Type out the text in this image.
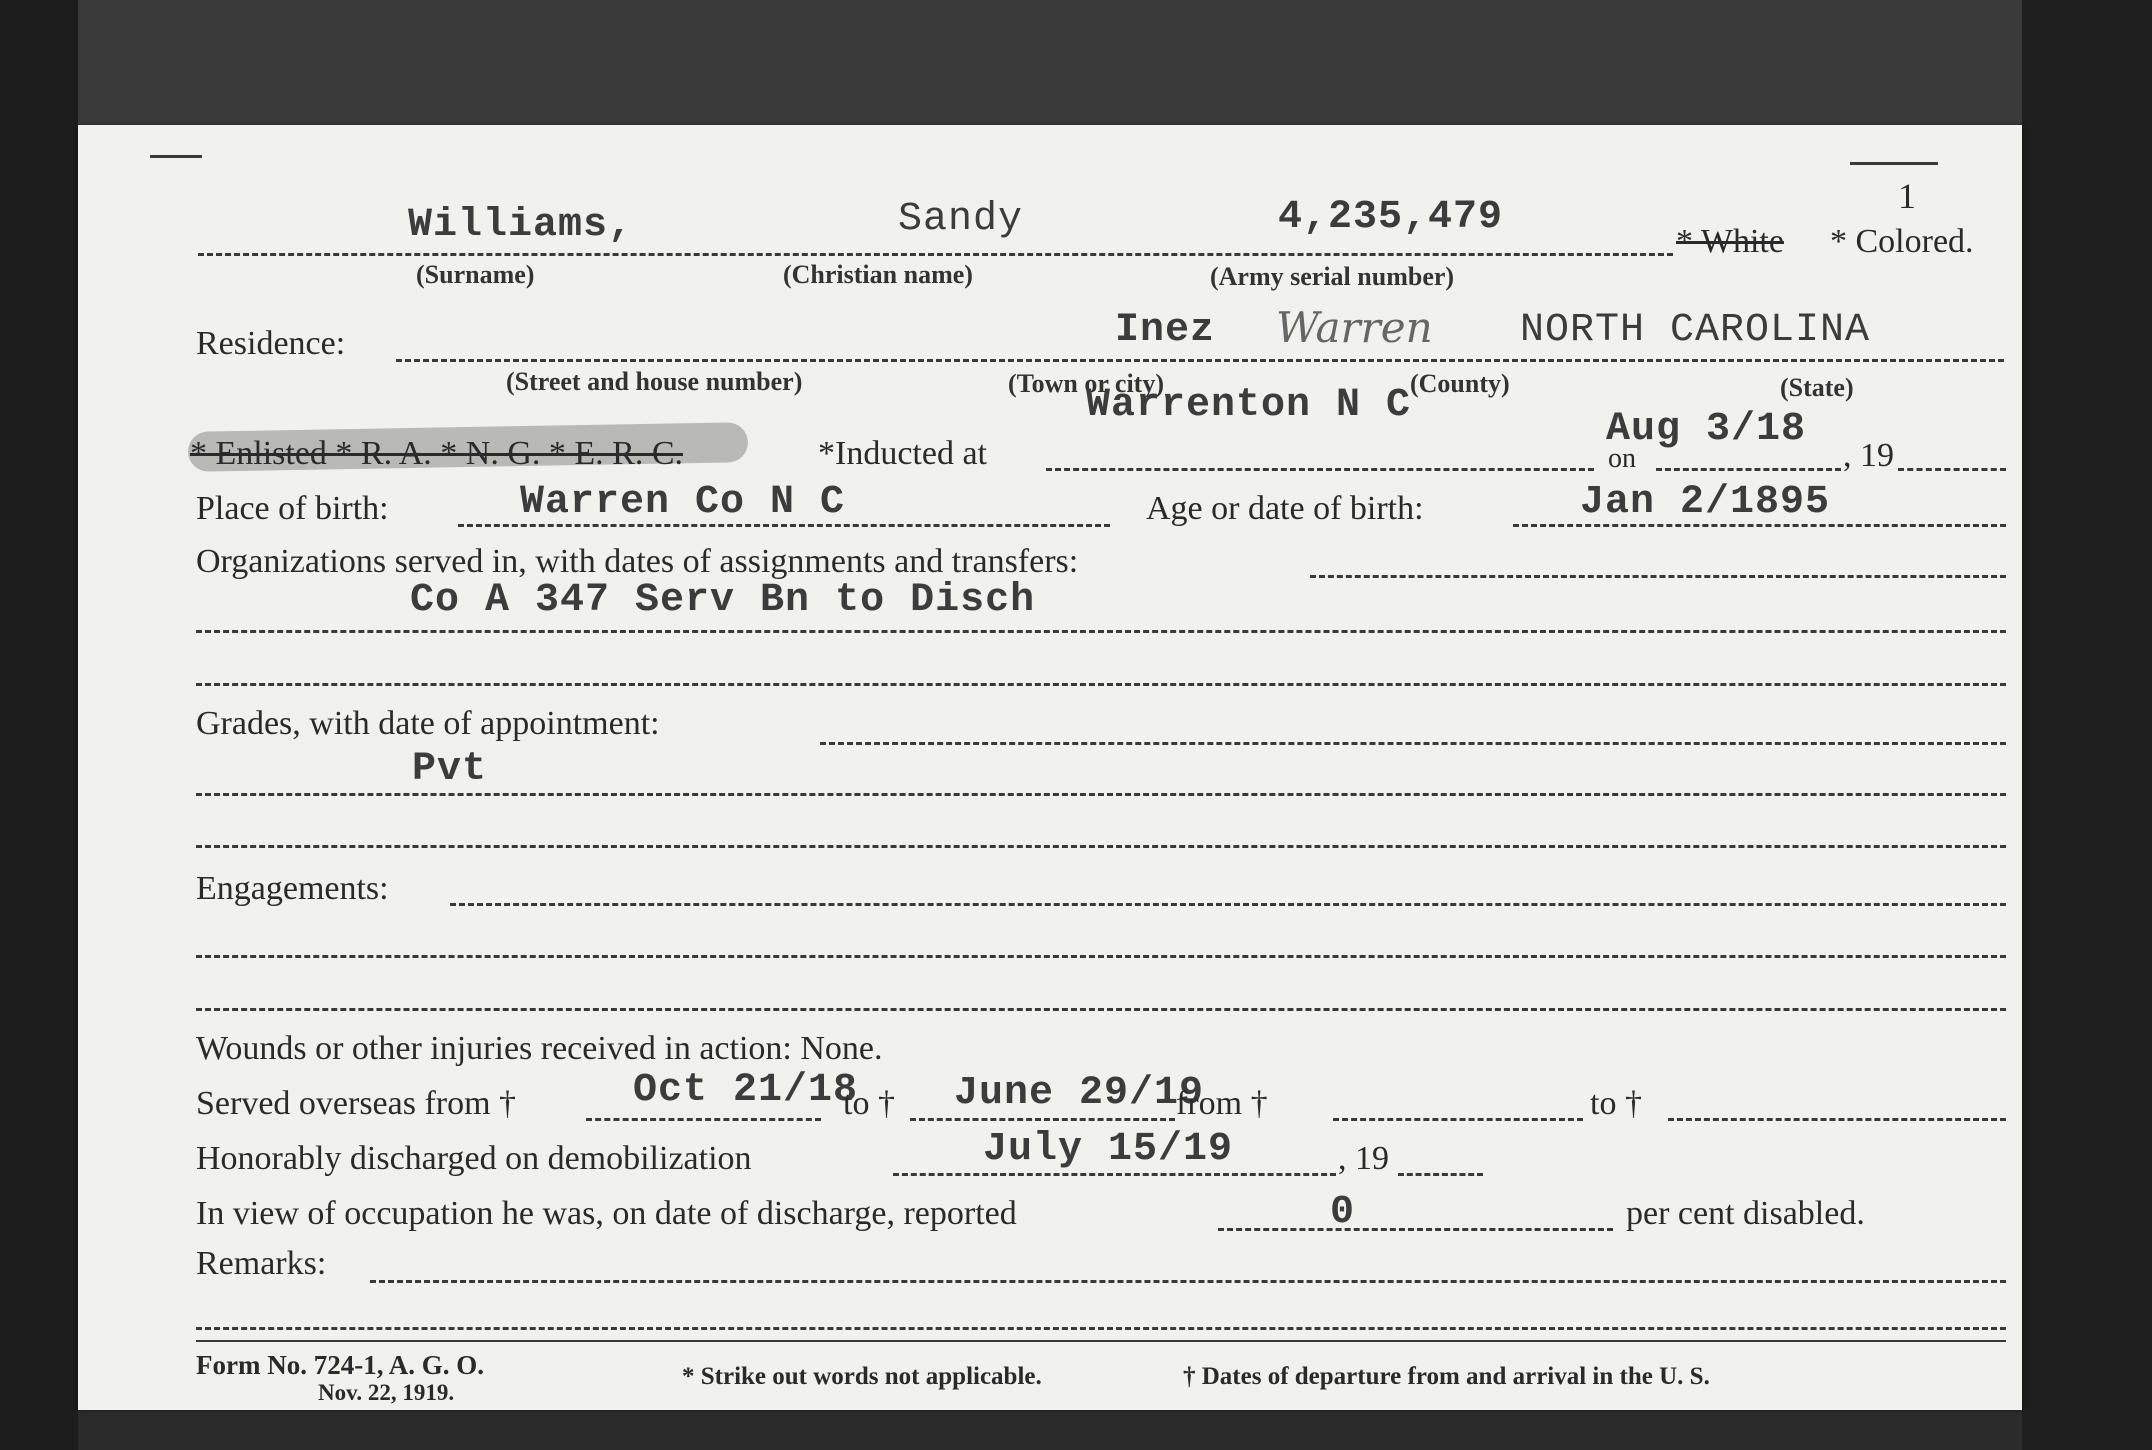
1
Williams,	Sandy	4,235,479
* White * Colored.
(Surname)	(Christian name)	(Army serial number)
Residence:	Inez Warren NORTH CAROLINA
(Street and house number)	(Town or city)	(County)	(State)
* Enlisted * R. A. * N. G. * E. R. C.	*Inducted at
Warrenton N C
Aug 3/18
on	, 19
Place of birth:	Warren Co N C	Age or date of birth:	Jan 2/1895
Organizations served in, with dates of assignments and transfers:
Co A 347 Serv Bn to Disch
Grades, with date of appointment:
Pvt
Engagements:
Wounds or other injuries received in action: None.
Served overseas from †	Oct 21/18
to † June 29/19
from †	to †
Honorably discharged on demobilization	July 15/19	, 19
In view of occupation he was, on date of discharge, reported	0	per cent disabled.
Remarks:
Form No. 724-1, A. G. O.
Nov. 22, 1919.
* Strike out words not applicable.	† Dates of departure from and arrival in the U. S.
